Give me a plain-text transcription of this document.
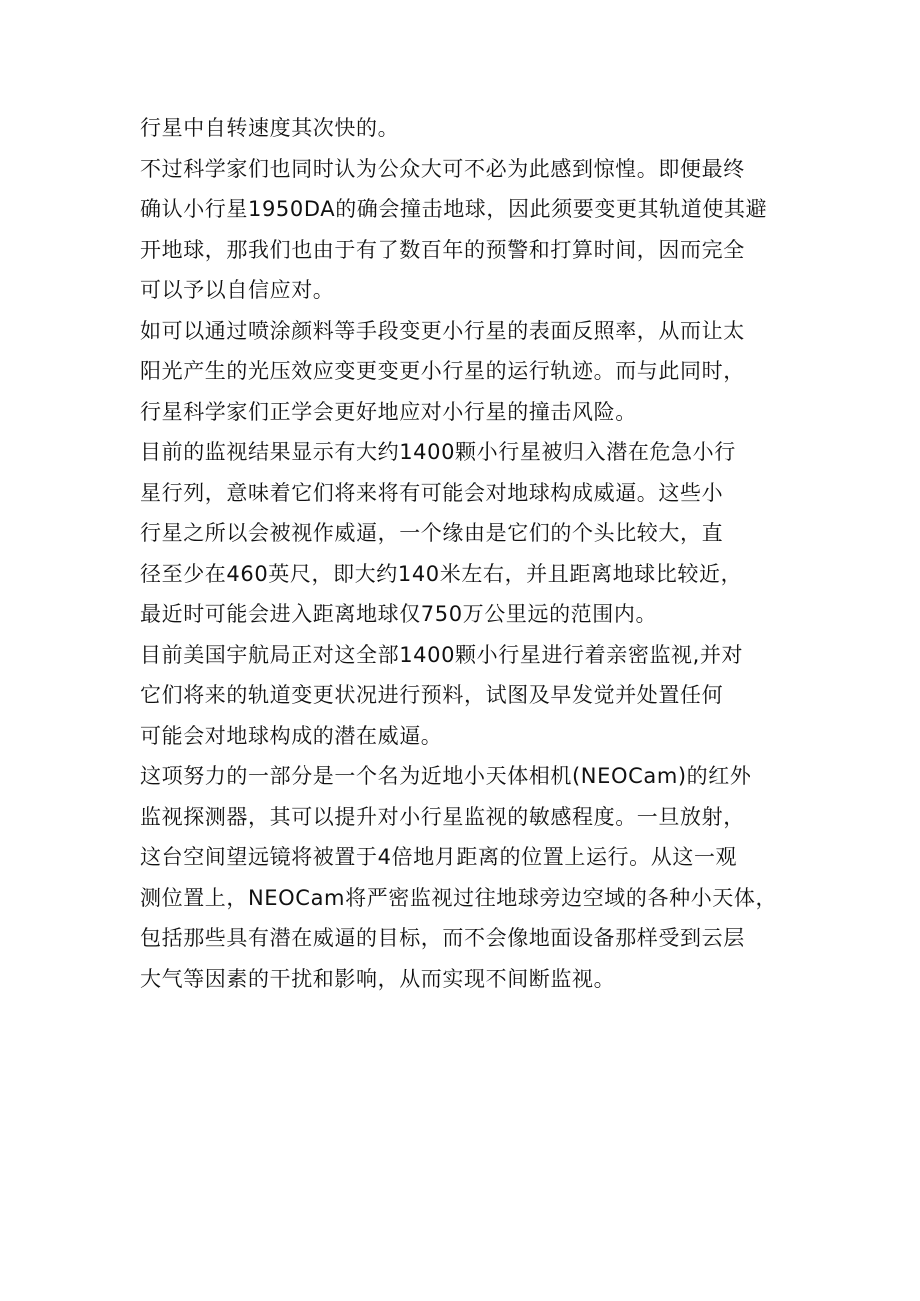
行星中自转速度其次快的。
不过科学家们也同时认为公众大可不必为此感到惊惶。即便最终
确认小行星1950DA的确会撞击地球，因此须要变更其轨道使其避
开地球，那我们也由于有了数百年的预警和打算时间，因而完全
可以予以自信应对。
如可以通过喷涂颜料等手段变更小行星的表面反照率，从而让太
阳光产生的光压效应变更变更小行星的运行轨迹。而与此同时，
行星科学家们正学会更好地应对小行星的撞击风险。
目前的监视结果显示有大约1400颗小行星被归入潜在危急小行
星行列，意味着它们将来将有可能会对地球构成威逼。这些小
行星之所以会被视作威逼，一个缘由是它们的个头比较大，直
径至少在460英尺，即大约140米左右，并且距离地球比较近，
最近时可能会进入距离地球仅750万公里远的范围内。
目前美国宇航局正对这全部1400颗小行星进行着亲密监视,并对
它们将来的轨道变更状况进行预料，试图及早发觉并处置任何
可能会对地球构成的潜在威逼。
这项努力的一部分是一个名为近地小天体相机(NEOCam)的红外
监视探测器，其可以提升对小行星监视的敏感程度。一旦放射，
这台空间望远镜将被置于4倍地月距离的位置上运行。从这一观
测位置上，NEOCam将严密监视过往地球旁边空域的各种小天体，
包括那些具有潜在威逼的目标，而不会像地面设备那样受到云层
大气等因素的干扰和影响，从而实现不间断监视。
